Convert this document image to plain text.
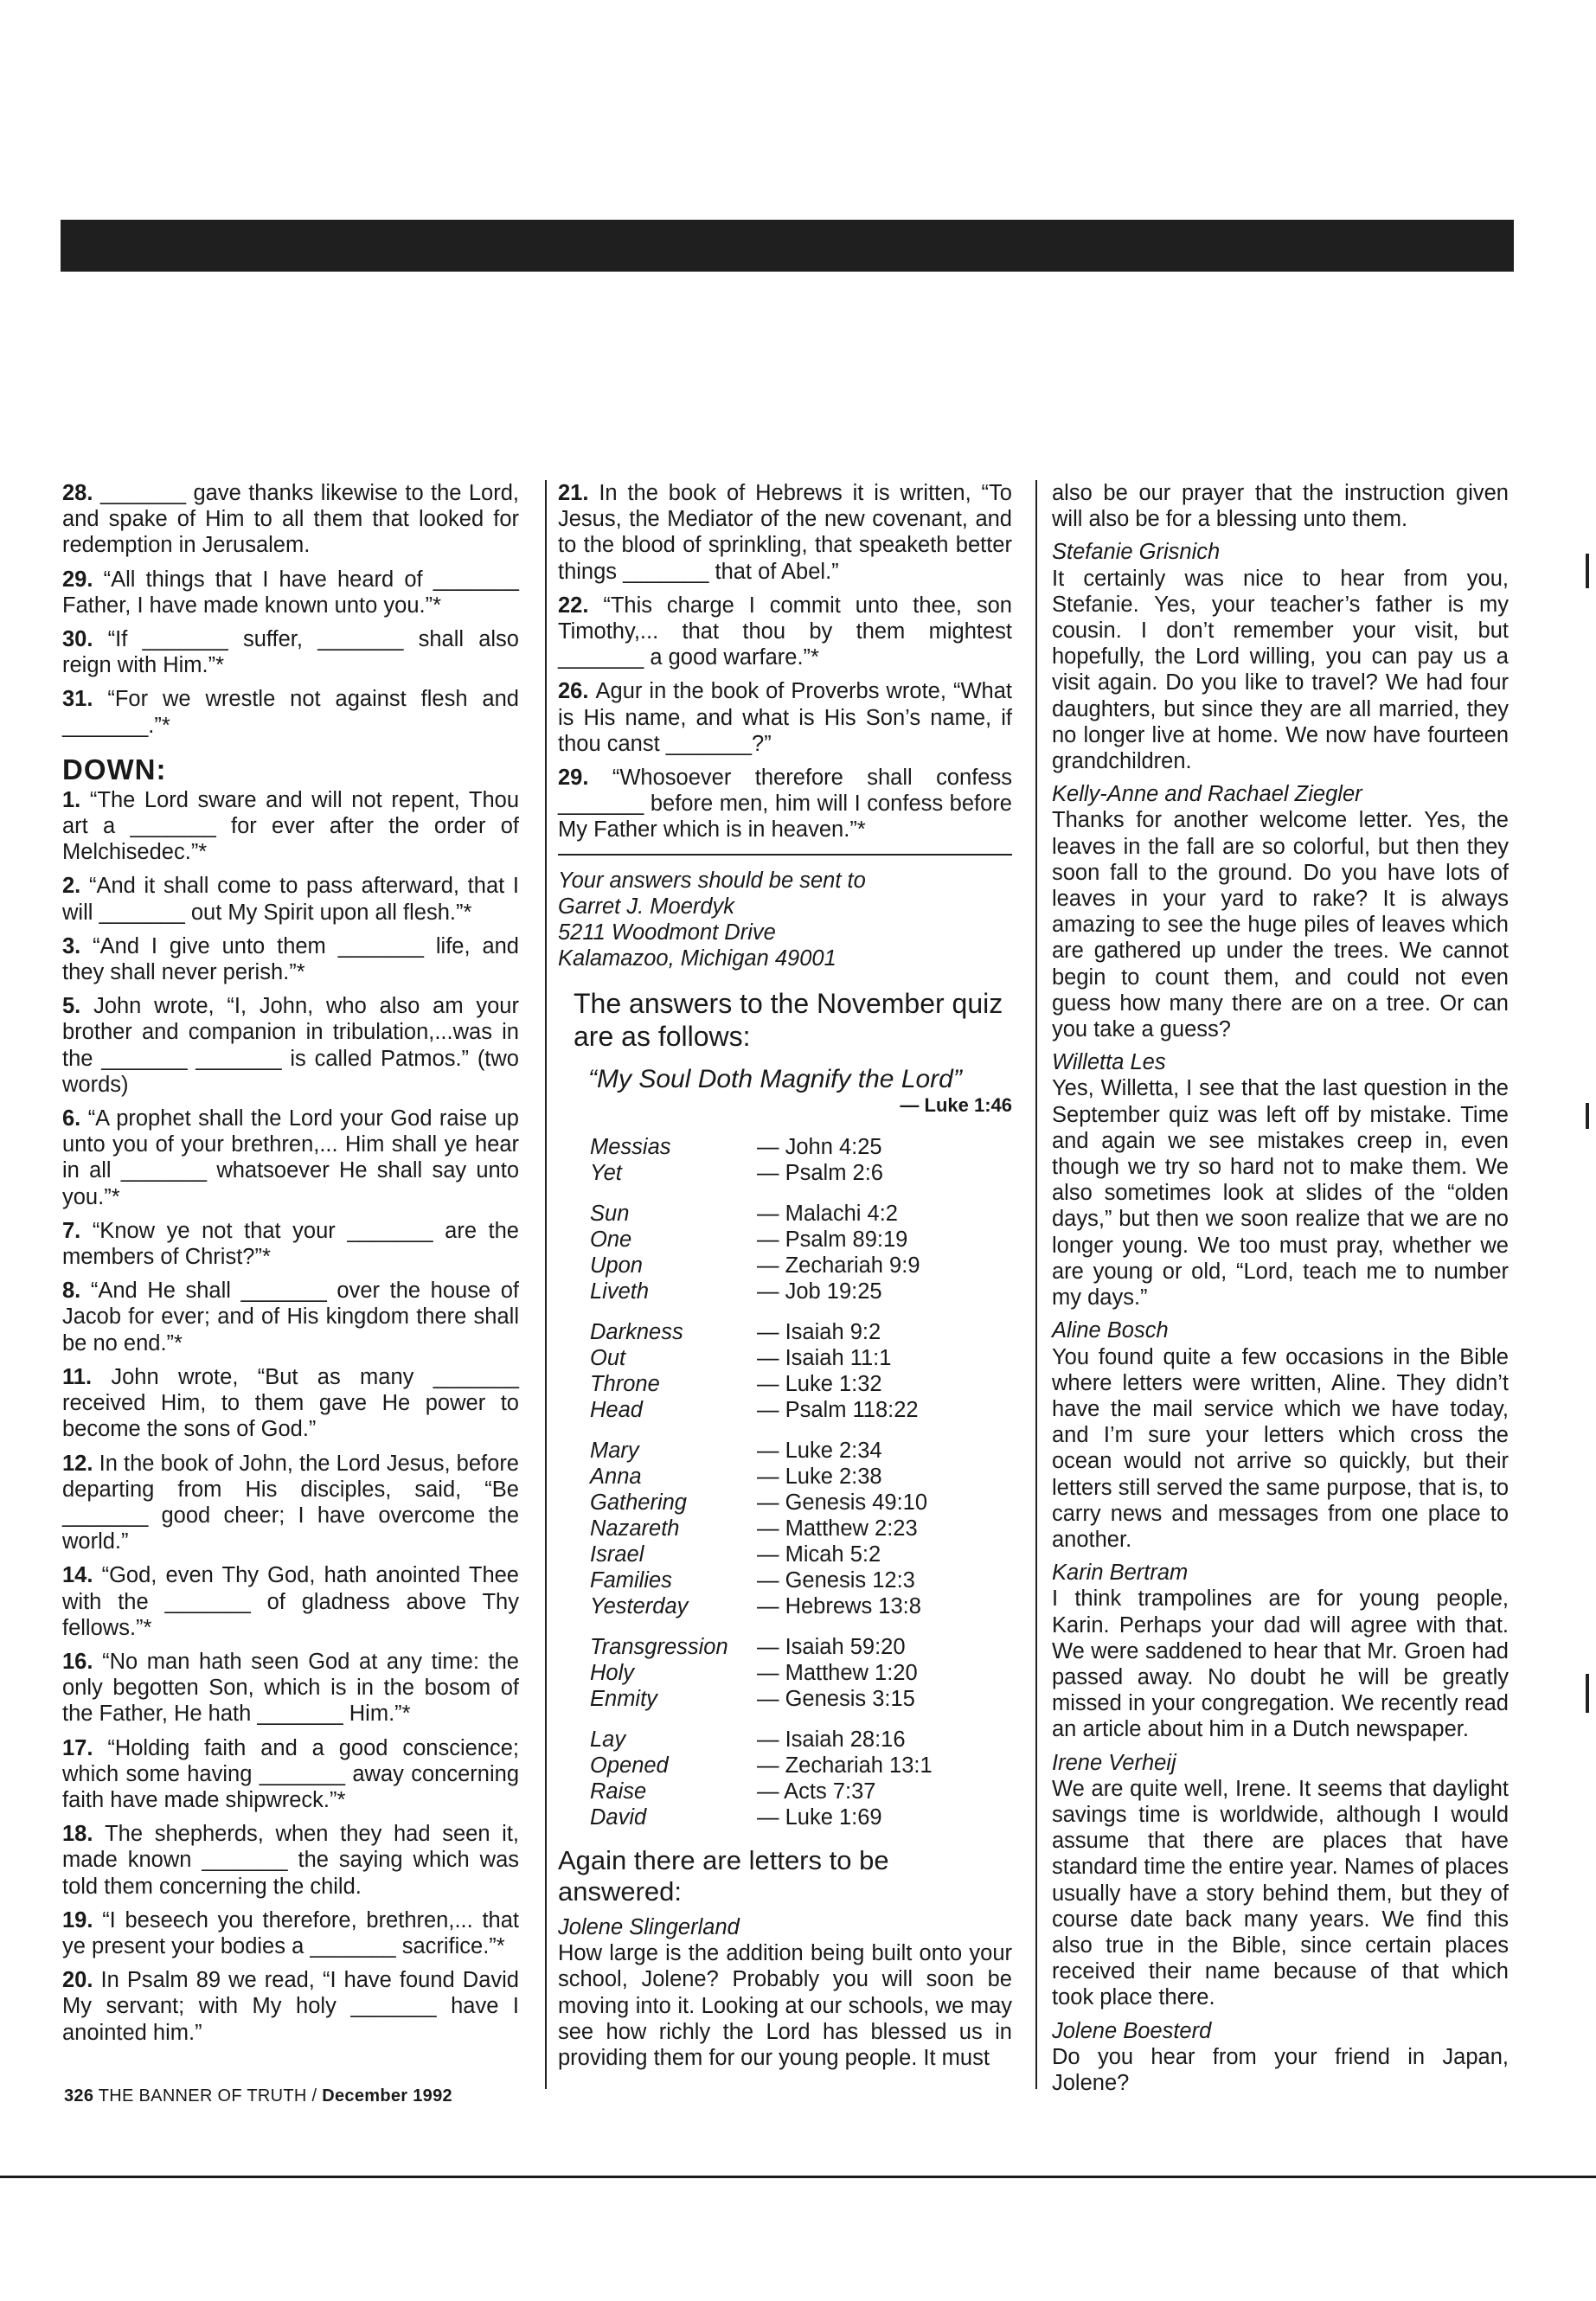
28. _______ gave thanks likewise to the Lord, and spake of Him to all them that looked for redemption in Jerusalem.

29. “All things that I have heard of _______ Father, I have made known unto you.”*

30. “If _______ suffer, _______ shall also reign with Him.”*

31. “For we wrestle not against flesh and _______.”*

DOWN:

1. “The Lord sware and will not repent, Thou art a _______ for ever after the order of Melchisedec.”*

2. “And it shall come to pass afterward, that I will _______ out My Spirit upon all flesh.”*

3. “And I give unto them _______ life, and they shall never perish.”*

5. John wrote, “I, John, who also am your brother and companion in tribulation,...was in the _______ _______ is called Patmos.” (two words)

6. “A prophet shall the Lord your God raise up unto you of your brethren,... Him shall ye hear in all _______ whatsoever He shall say unto you.”*

7. “Know ye not that your _______ are the members of Christ?”*

8. “And He shall _______ over the house of Jacob for ever; and of His kingdom there shall be no end.”*

11. John wrote, “But as many _______ received Him, to them gave He power to become the sons of God.”

12. In the book of John, the Lord Jesus, before departing from His disciples, said, “Be _______ good cheer; I have overcome the world.”

14. “God, even Thy God, hath anointed Thee with the _______ of gladness above Thy fellows.”*

16. “No man hath seen God at any time: the only begotten Son, which is in the bosom of the Father, He hath _______ Him.”*

17. “Holding faith and a good conscience; which some having _______ away concerning faith have made shipwreck.”*

18. The shepherds, when they had seen it, made known _______ the saying which was told them concerning the child.

19. “I beseech you therefore, brethren,... that ye present your bodies a _______ sacrifice.”*

20. In Psalm 89 we read, “I have found David My servant; with My holy _______ have I anointed him.”

21. In the book of Hebrews it is written, “To Jesus, the Mediator of the new covenant, and to the blood of sprinkling, that speaketh better things _______ that of Abel.”

22. “This charge I commit unto thee, son Timothy,... that thou by them mightest _______ a good warfare.”*

26. Agur in the book of Proverbs wrote, “What is His name, and what is His Son’s name, if thou canst _______?”

29. “Whosoever therefore shall confess _______ before men, him will I confess before My Father which is in heaven.”*

Your answers should be sent to

Garret J. Moerdyk

5211 Woodmont Drive

Kalamazoo, Michigan 49001

The answers to the November quiz are as follows:
“My Soul Doth Magnify the Lord”
— Luke 1:46
Messias	— John 4:25
Yet	— Psalm 2:6
Sun	— Malachi 4:2
One	— Psalm 89:19
Upon	— Zechariah 9:9
Liveth	— Job 19:25
Darkness	— Isaiah 9:2
Out	— Isaiah 11:1
Throne	— Luke 1:32
Head	— Psalm 118:22
Mary	— Luke 2:34
Anna	— Luke 2:38
Gathering	— Genesis 49:10
Nazareth	— Matthew 2:23
Israel	— Micah 5:2
Families	— Genesis 12:3
Yesterday	— Hebrews 13:8
Transgression	— Isaiah 59:20
Holy	— Matthew 1:20
Enmity	— Genesis 3:15
Lay	— Isaiah 28:16
Opened	— Zechariah 13:1
Raise	— Acts 7:37
David	— Luke 1:69
Again there are letters to be answered:

Jolene Slingerland

How large is the addition being built onto your school, Jolene? Probably you will soon be moving into it. Looking at our schools, we may see how richly the Lord has blessed us in providing them for our young people. It must

also be our prayer that the instruction given will also be for a blessing unto them.

Stefanie Grisnich

It certainly was nice to hear from you, Stefanie. Yes, your teacher’s father is my cousin. I don’t remember your visit, but hopefully, the Lord willing, you can pay us a visit again. Do you like to travel? We had four daughters, but since they are all married, they no longer live at home. We now have fourteen grandchildren.

Kelly-Anne and Rachael Ziegler

Thanks for another welcome letter. Yes, the leaves in the fall are so colorful, but then they soon fall to the ground. Do you have lots of leaves in your yard to rake? It is always amazing to see the huge piles of leaves which are gathered up under the trees. We cannot begin to count them, and could not even guess how many there are on a tree. Or can you take a guess?

Willetta Les

Yes, Willetta, I see that the last question in the September quiz was left off by mistake. Time and again we see mistakes creep in, even though we try so hard not to make them. We also sometimes look at slides of the “olden days,” but then we soon realize that we are no longer young. We too must pray, whether we are young or old, “Lord, teach me to number my days.”

Aline Bosch

You found quite a few occasions in the Bible where letters were written, Aline. They didn’t have the mail service which we have today, and I’m sure your letters which cross the ocean would not arrive so quickly, but their letters still served the same purpose, that is, to carry news and messages from one place to another.

Karin Bertram

I think trampolines are for young people, Karin. Perhaps your dad will agree with that. We were saddened to hear that Mr. Groen had passed away. No doubt he will be greatly missed in your congregation. We recently read an article about him in a Dutch newspaper.

Irene Verheij

We are quite well, Irene. It seems that daylight savings time is worldwide, although I would assume that there are places that have standard time the entire year. Names of places usually have a story behind them, but they of course date back many years. We find this also true in the Bible, since certain places received their name because of that which took place there.

Jolene Boesterd

Do you hear from your friend in Japan, Jolene?

326 THE BANNER OF TRUTH / December 1992
